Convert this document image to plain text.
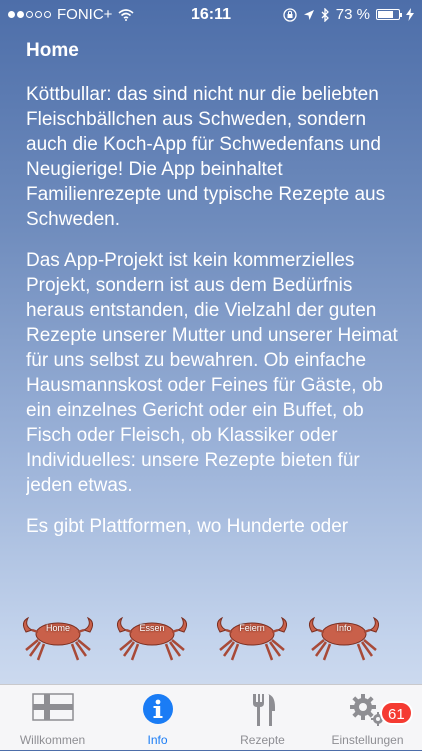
FONIC+	16:11	73 %
Home

Köttbullar: das sind nicht nur die beliebten Fleischbällchen aus Schweden, sondern auch die Koch-App für Schwedenfans und Neugierige! Die App beinhaltet Familienrezepte und typische Rezepte aus Schweden.

Das App-Projekt ist kein kommerzielles Projekt, sondern ist aus dem Bedürfnis heraus entstanden, die Vielzahl der guten Rezepte unserer Mutter und unserer Heimat für uns selbst zu bewahren. Ob einfache Hausmannskost oder Feines für Gäste, ob ein einzelnes Gericht oder ein Buffet, ob Fisch oder Fleisch, ob Klassiker oder Individuelles: unsere Rezepte bieten für jeden etwas.

Es gibt Plattformen, wo Hunderte oder

Home	Essen	Feiern	Info
Willkommen	Info	Rezepte	Einstellungen
61
